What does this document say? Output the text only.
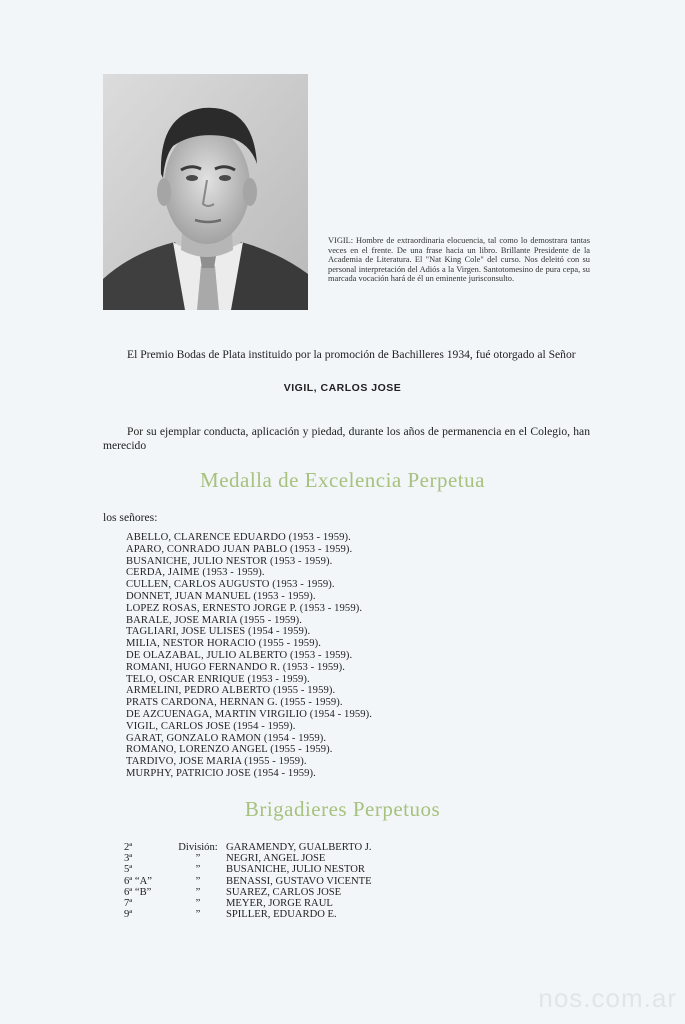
VIGIL: Hombre de extraordinaria elocuencia, tal como lo demostrara tantas veces en el frente. De una frase hacia un libro. Brillante Presidente de la Academia de Literatura. El "Nat King Cole" del curso. Nos deleitó con su personal interpretación del Adiós a la Virgen. Santotomesino de pura cepa, su marcada vocación hará de él un eminente jurisconsulto.

El Premio Bodas de Plata instituido por la promoción de Bachilleres 1934, fué otorgado al Señor

VIGIL, CARLOS JOSE

Por su ejemplar conducta, aplicación y piedad, durante los años de permanencia en el Colegio, han merecido

Medalla de Excelencia Perpetua
los señores:
ABELLO, CLARENCE EDUARDO (1953 - 1959).
APARO, CONRADO JUAN PABLO (1953 - 1959).
BUSANICHE, JULIO NESTOR (1953 - 1959).
CERDA, JAIME (1953 - 1959).
CULLEN, CARLOS AUGUSTO (1953 - 1959).
DONNET, JUAN MANUEL (1953 - 1959).
LOPEZ ROSAS, ERNESTO JORGE P. (1953 - 1959).
BARALE, JOSE MARIA (1955 - 1959).
TAGLIARI, JOSE ULISES (1954 - 1959).
MILIA, NESTOR HORACIO (1955 - 1959).
DE OLAZABAL, JULIO ALBERTO (1953 - 1959).
ROMANI, HUGO FERNANDO R. (1953 - 1959).
TELO, OSCAR ENRIQUE (1953 - 1959).
ARMELINI, PEDRO ALBERTO (1955 - 1959).
PRATS CARDONA, HERNAN G. (1955 - 1959).
DE AZCUENAGA, MARTIN VIRGILIO (1954 - 1959).
VIGIL, CARLOS JOSE (1954 - 1959).
GARAT, GONZALO RAMON (1954 - 1959).
ROMANO, LORENZO ANGEL (1955 - 1959).
TARDIVO, JOSE MARIA (1955 - 1959).
MURPHY, PATRICIO JOSE (1954 - 1959).
Brigadieres Perpetuos
2ª	División:	GARAMENDY, GUALBERTO J.
3ª	”	NEGRI, ANGEL JOSE
5ª	”	BUSANICHE, JULIO NESTOR
6ª “A”	”	BENASSI, GUSTAVO VICENTE
6ª “B”	”	SUAREZ, CARLOS JOSE
7ª	”	MEYER, JORGE RAUL
9ª	”	SPILLER, EDUARDO E.
nos.com.ar
